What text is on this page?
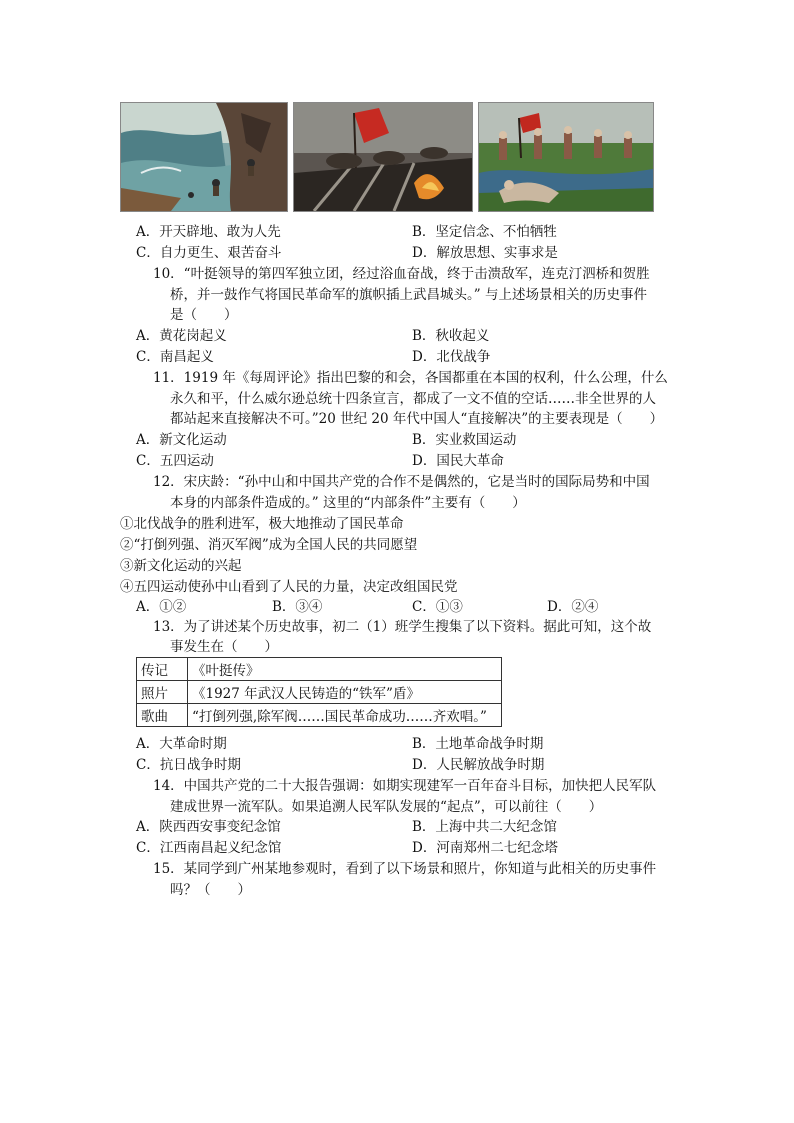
A．开天辟地、敢为人先	B．坚定信念、不怕牺牲
C．自力更生、艰苦奋斗	D．解放思想、实事求是
10．“叶挺领导的第四军独立团，经过浴血奋战，终于击溃敌军，连克汀泗桥和贺胜
桥，并一鼓作气将国民革命军的旗帜插上武昌城头。” 与上述场景相关的历史事件
是（　　）
A．黄花岗起义	B．秋收起义
C．南昌起义	D．北伐战争
11．1919 年《每周评论》指出巴黎的和会，各国都重在本国的权利，什么公理，什么
永久和平，什么威尔逊总统十四条宣言，都成了一文不值的空话……非全世界的人
都站起来直接解决不可。”20 世纪 20 年代中国人“直接解决”的主要表现是（　　）
A．新文化运动	B．实业救国运动
C．五四运动	D．国民大革命
12．宋庆龄：“孙中山和中国共产党的合作不是偶然的，它是当时的国际局势和中国
本身的内部条件造成的。” 这里的“内部条件”主要有（　　）
①北伐战争的胜利进军，极大地推动了国民革命
②“打倒列强、消灭军阀”成为全国人民的共同愿望
③新文化运动的兴起
④五四运动使孙中山看到了人民的力量，决定改组国民党
A．①②	B．③④	C．①③	D．②④
13．为了讲述某个历史故事，初二（1）班学生搜集了以下资料。据此可知，这个故
事发生在（　　）
传记	《叶挺传》
照片	《1927 年武汉人民铸造的“铁军”盾》
歌曲	“打倒列强,除军阀……国民革命成功……齐欢唱。”
A．大革命时期	B．土地革命战争时期
C．抗日战争时期	D．人民解放战争时期
14．中国共产党的二十大报告强调：如期实现建军一百年奋斗目标，加快把人民军队
建成世界一流军队。如果追溯人民军队发展的“起点”，可以前往（　　）
A．陕西西安事变纪念馆	B．上海中共二大纪念馆
C．江西南昌起义纪念馆	D．河南郑州二七纪念塔
15．某同学到广州某地参观时，看到了以下场景和照片，你知道与此相关的历史事件
吗？（　　）
